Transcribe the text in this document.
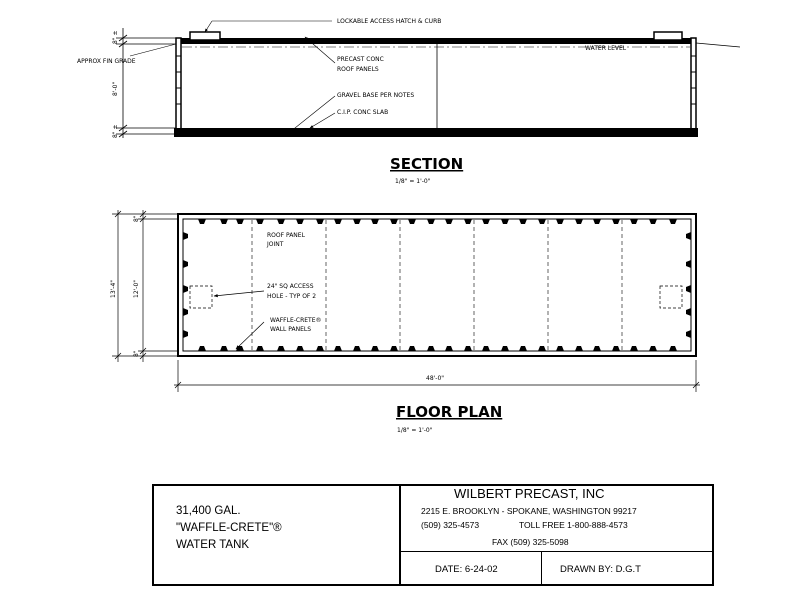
8" ±
8'-0"
8" ±
APPROX FIN GRADE
LOCKABLE ACCESS HATCH & CURB
PRECAST CONC
ROOF PANELS
WATER LEVEL
GRAVEL BASE PER NOTES
C.I.P. CONC SLAB
SECTION
1/8" = 1'-0"
ROOF PANEL
JOINT
24" SQ ACCESS
HOLE - TYP OF 2
WAFFLE-CRETE®
WALL PANELS
13'-4"	12'-0"
8"
8"
48'-0"
FLOOR PLAN
1/8" = 1'-0"
31,400 GAL.
"WAFFLE-CRETE"®
WATER TANK
WILBERT PRECAST, INC
2215 E. BROOKLYN - SPOKANE, WASHINGTON 99217
(509) 325-4573	TOLL FREE 1-800-888-4573
FAX (509) 325-5098
DATE: 6-24-02	DRAWN BY: D.G.T
